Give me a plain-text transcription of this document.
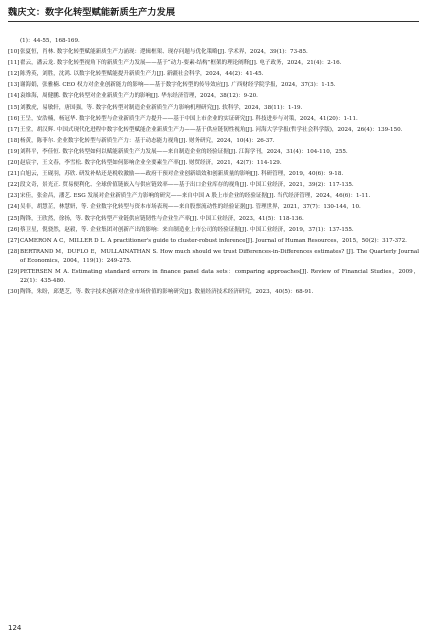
魏庆文：数字化转型赋能新质生产力发展
(1)：44-55，168-169.
[10] 张夏恒，肖林. 数字化转型赋能新质生产力涌现：逻辑框架、现存问题与优化策略[J]. 学术界，2024，39(1)：73-85.
[11] 翟云，潘云龙. 数字化转型视角下的新质生产力发展——基于“动力-要素-结构”框架的理论阐释[J]. 电子政务，2024，21(4)：2-16.
[12] 陈秀英，刘胜，沈鸿. 以数字化转型赋能提升新质生产力[J]. 新疆社会科学，2024，44(2)：41-45.
[13] 谢海娟，张雅楠. CEO 权力对企业创新能力的影响——基于数字化转型的传导效应[J]. 广西财经学院学报，2024，37(3)：1-15.
[14] 袁维海，周健鹏. 数字化转型对企业新质生产力的影响[J]. 华东经济管理，2024，38(12)：9-20.
[15] 刘教虎，易敏轩，唐国强，等. 数字化转型对制造企业新质生产力影响机理研究[J]. 软科学，2024，38(11)：1-19.
[16] 王呈，安浩楠，杨冠华. 数字化转型与企业新质生产力提升——基于中国上市企业的实证研究[J]. 科技进步与对策，2024，41(20)：1-11.
[17] 王堂，胡汉辉. 中国式现代化进程中数字化转型赋能企业新质生产力——基于供应链韧性视角[J]. 河海大学学报(哲学社会科学版)，2024，26(4)：139-150.
[18] 杨黄，陈菲尔. 企业数字化转型与新质生产力：基于动态能力视角[J]. 财务研究，2024，10(4)：26-37.
[19] 刘科平，李佳恒. 数字化转型如何以赋能新质生产力发展——来自制造企业的经验证据[J]. 江海学刊，2024，31(4)：104-110，255.
[20] 赵宸宇，王文春，李雪松. 数字化转型如何影响企业全要素生产率[J]. 财贸经济，2021，42(7)：114-129.
[21] 白旭云，王砚羽，苏欣. 研发补贴还是税收激励——政府干预对企业创新绩效和创新质量的影响[J]. 科研管理，2019，40(6)：9-18.
[22] 段文奇，景光正. 贸易便利化、全球价值链嵌入与供应链效率——基于出口企业库存的视角[J]. 中国工业经济，2021，39(2)：117-135.
[23] 宋佳，张金昌，潘艺. ESG 发展对企业新质生产力影响的研究——来自中国 A 股上市企业的经验证据[J]. 当代经济管理，2024，46(6)：1-11.
[24] 吴非，胡慧芷，林慧妍，等. 企业数字化转型与资本市场表现——来自股票流动性的经验证据[J]. 管理世界，2021，37(7)：130-144，10.
[25] 陶锋，王欣然，徐扬，等. 数字化转型产业链供应链韧性与企业生产率[J]. 中国工业经济，2023，41(5)：118-136.
[26] 蔡卫星，倪骁然，赵毅，等. 企业集团对创新产出的影响：来自制造业上市公司的经验证据[J]. 中国工业经济，2019，37(1)：137-155.
[27] CAMERON A C，MILLER D L. A practitioner's guide to cluster-robust inference[J]. Journal of Human Resources，2015，50(2)：317-372.
[28] BERTRAND M，DUFLO E，MULLAINATHAN S. How much should we trust Differences-in-Differences estimates? [J]. The Quarterly Journal of Economics，2004，119(1)：249-275.
[29] PETERSEN M A. Estimating standard errors in finance panel data sets：comparing approaches[J]. Review of Financial Studies，2009，22(1)：435-480.
[30] 陶锋，朱盼，邱楚芝，等. 数字技术创新对企业市场价值的影响研究[J]. 数量经济技术经济研究，2023，40(5)：68-91.
124
